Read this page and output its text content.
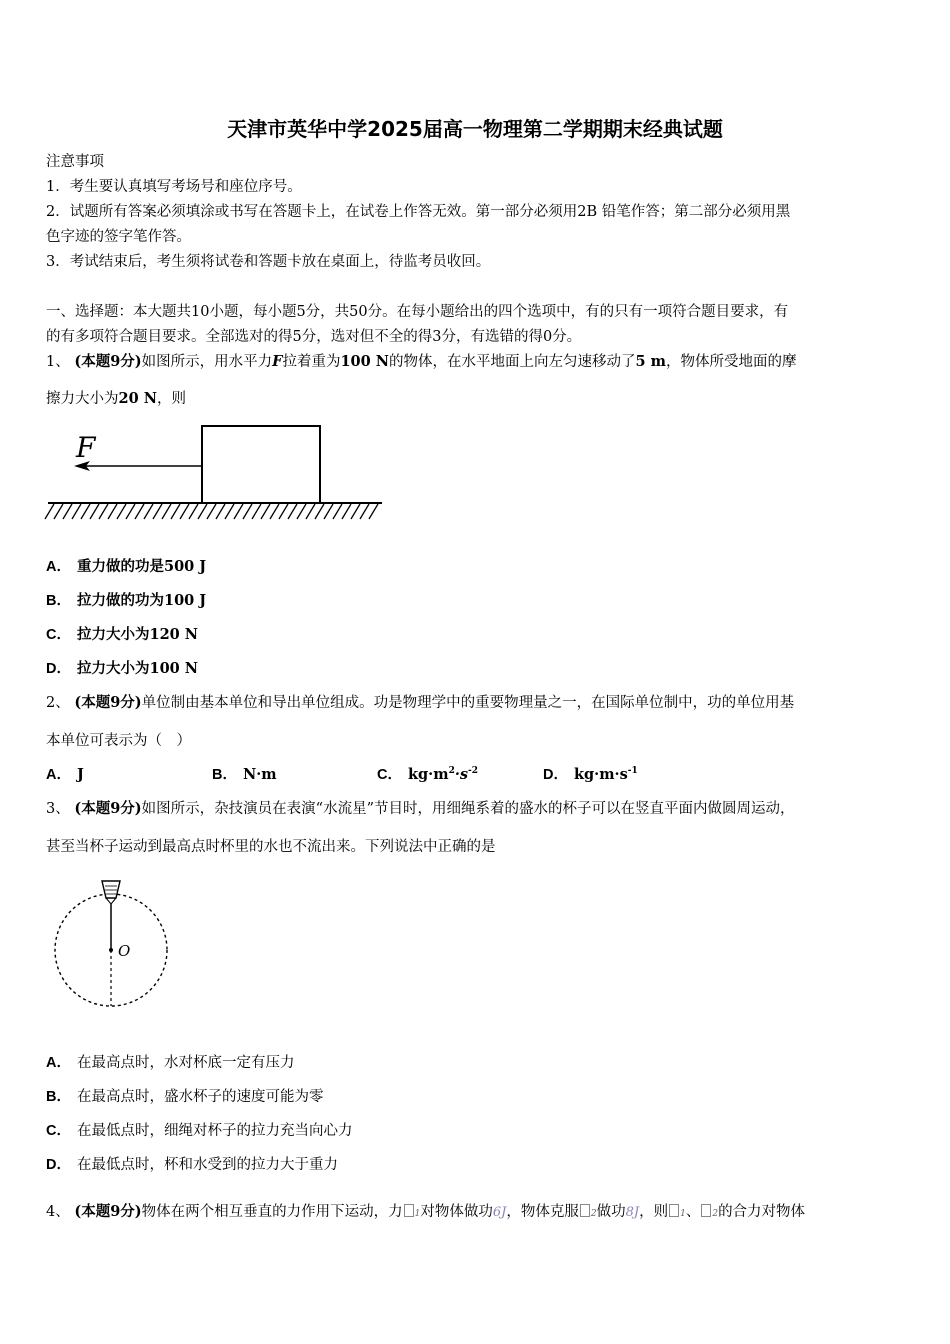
天津市英华中学2025届高一物理第二学期期末经典试题
注意事项
1．考生要认真填写考场号和座位序号。
2．试题所有答案必须填涂或书写在答题卡上，在试卷上作答无效。第一部分必须用2B 铅笔作答；第二部分必须用黑
色字迹的签字笔作答。
3．考试结束后，考生须将试卷和答题卡放在桌面上，待监考员收回。
一、选择题：本大题共10小题，每小题5分，共50分。在每小题给出的四个选项中，有的只有一项符合题目要求，有
的有多项符合题目要求。全部选对的得5分，选对但不全的得3分，有选错的得0分。
1、 (本题9分)如图所示，用水平力F拉着重为100 N的物体，在水平地面上向左匀速移动了5 m，物体所受地面的摩
擦力大小为20 N，则
F
A． 重力做的功是500 J
B． 拉力做的功为100 J
C． 拉力大小为120 N
D． 拉力大小为100 N
2、 (本题9分)单位制由基本单位和导出单位组成。功是物理学中的重要物理量之一，在国际单位制中，功的单位用基
本单位可表示为（　）
A． J	B． N·m	C． $kg\cdot m^2\cdot s^{-2}$	D． $kg\cdot m\cdot s^{-1}$
3、 (本题9分)如图所示，杂技演员在表演“水流星”节目时，用细绳系着的盛水的杯子可以在竖直平面内做圆周运动，
甚至当杯子运动到最高点时杯里的水也不流出来。下列说法中正确的是
O
A． 在最高点时，水对杯底一定有压力
B． 在最高点时，盛水杯子的速度可能为零
C． 在最低点时，细绳对杯子的拉力充当向心力
D． 在最低点时，杯和水受到的拉力大于重力
4、 (本题9分)物体在两个相互垂直的力作用下运动，力 1对物体做功6J，物体克服 2做功8J，则 1、 2的合力对物体
